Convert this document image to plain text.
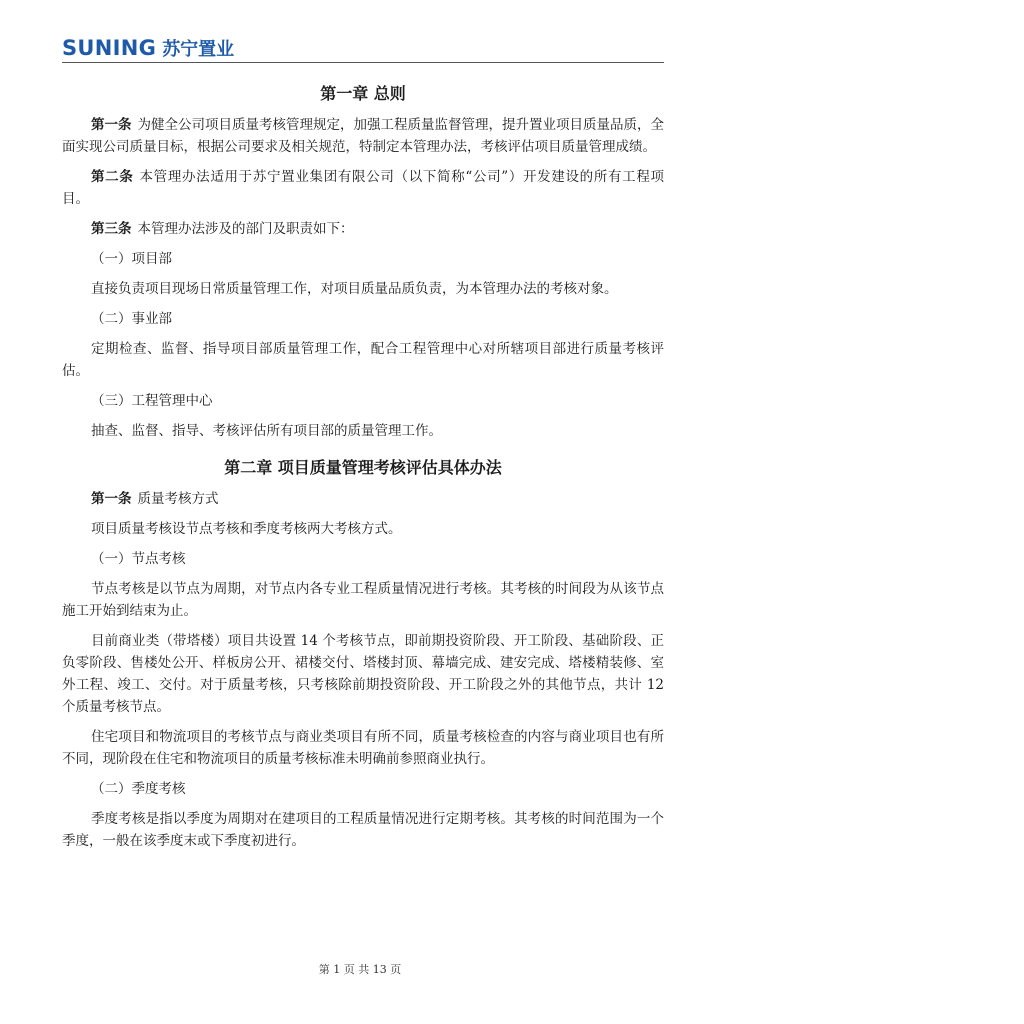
SUNING 苏宁置业
第一章 总则

第一条 为健全公司项目质量考核管理规定，加强工程质量监督管理，提升置业项目质量品质，全面实现公司质量目标，根据公司要求及相关规范，特制定本管理办法，考核评估项目质量管理成绩。

第二条 本管理办法适用于苏宁置业集团有限公司（以下简称“公司”）开发建设的所有工程项目。

第三条 本管理办法涉及的部门及职责如下：

（一）项目部

直接负责项目现场日常质量管理工作，对项目质量品质负责，为本管理办法的考核对象。

（二）事业部

定期检查、监督、指导项目部质量管理工作，配合工程管理中心对所辖项目部进行质量考核评估。

（三）工程管理中心

抽查、监督、指导、考核评估所有项目部的质量管理工作。

第二章 项目质量管理考核评估具体办法

第一条 质量考核方式

项目质量考核设节点考核和季度考核两大考核方式。

（一）节点考核

节点考核是以节点为周期，对节点内各专业工程质量情况进行考核。其考核的时间段为从该节点施工开始到结束为止。

目前商业类（带塔楼）项目共设置 14 个考核节点，即前期投资阶段、开工阶段、基础阶段、正负零阶段、售楼处公开、样板房公开、裙楼交付、塔楼封顶、幕墙完成、建安完成、塔楼精装修、室外工程、竣工、交付。对于质量考核，只考核除前期投资阶段、开工阶段之外的其他节点，共计 12 个质量考核节点。

住宅项目和物流项目的考核节点与商业类项目有所不同，质量考核检查的内容与商业项目也有所不同，现阶段在住宅和物流项目的质量考核标准未明确前参照商业执行。

（二）季度考核

季度考核是指以季度为周期对在建项目的工程质量情况进行定期考核。其考核的时间范围为一个季度，一般在该季度末或下季度初进行。

第 1 页 共 13 页
